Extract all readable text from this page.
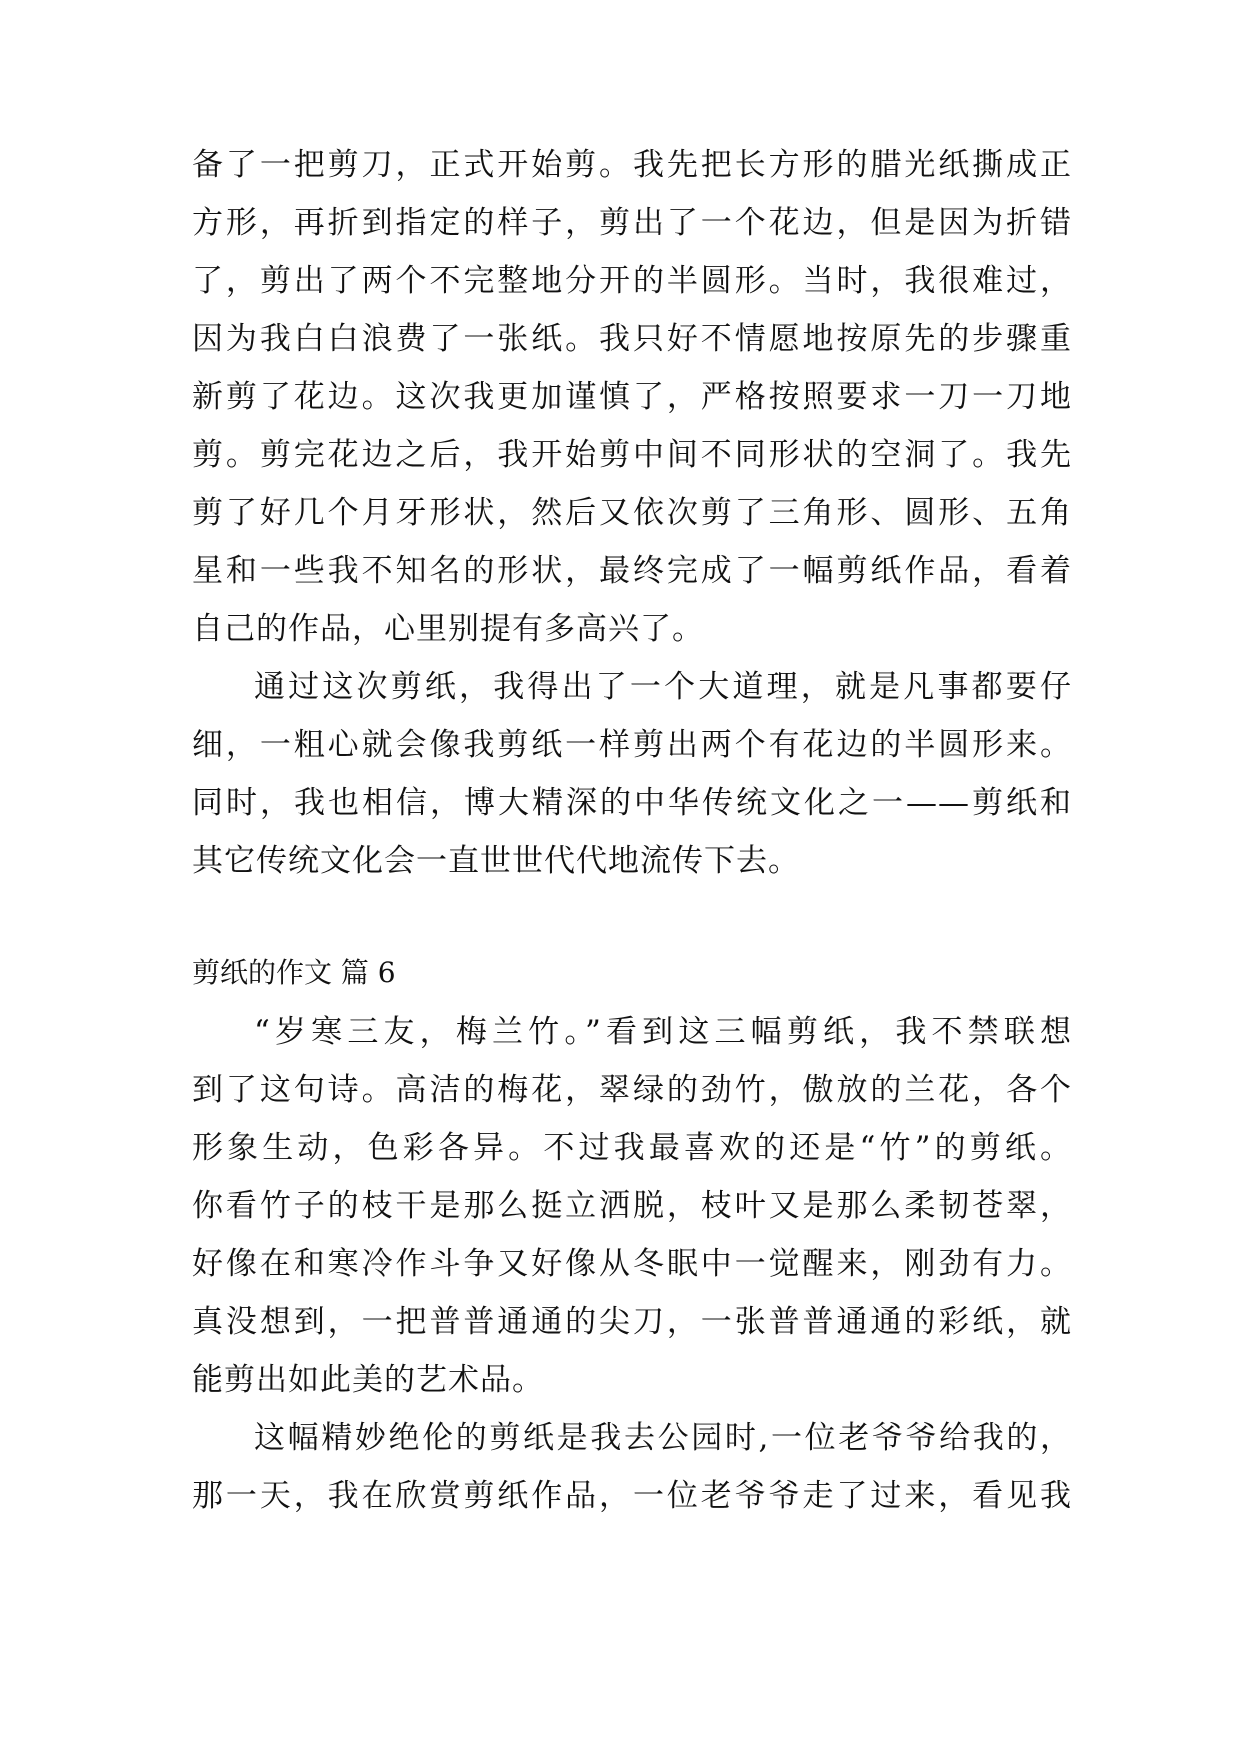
备了一把剪刀，正式开始剪。我先把长方形的腊光纸撕成正
方形，再折到指定的样子，剪出了一个花边，但是因为折错
了，剪出了两个不完整地分开的半圆形。当时，我很难过，
因为我白白浪费了一张纸。我只好不情愿地按原先的步骤重
新剪了花边。这次我更加谨慎了，严格按照要求一刀一刀地
剪。剪完花边之后，我开始剪中间不同形状的空洞了。我先
剪了好几个月牙形状，然后又依次剪了三角形、圆形、五角
星和一些我不知名的形状，最终完成了一幅剪纸作品，看着
自己的作品，心里别提有多高兴了。
通过这次剪纸，我得出了一个大道理，就是凡事都要仔
细，一粗心就会像我剪纸一样剪出两个有花边的半圆形来。
同时，我也相信，博大精深的中华传统文化之一——剪纸和
其它传统文化会一直世世代代地流传下去。
剪纸的作文 篇 6
“岁寒三友，梅兰竹。”看到这三幅剪纸，我不禁联想
到了这句诗。高洁的梅花，翠绿的劲竹，傲放的兰花，各个
形象生动，色彩各异。不过我最喜欢的还是“竹”的剪纸。
你看竹子的枝干是那么挺立洒脱，枝叶又是那么柔韧苍翠，
好像在和寒冷作斗争又好像从冬眠中一觉醒来，刚劲有力。
真没想到，一把普普通通的尖刀，一张普普通通的彩纸，就
能剪出如此美的艺术品。
这幅精妙绝伦的剪纸是我去公园时,一位老爷爷给我的，
那一天，我在欣赏剪纸作品，一位老爷爷走了过来，看见我
